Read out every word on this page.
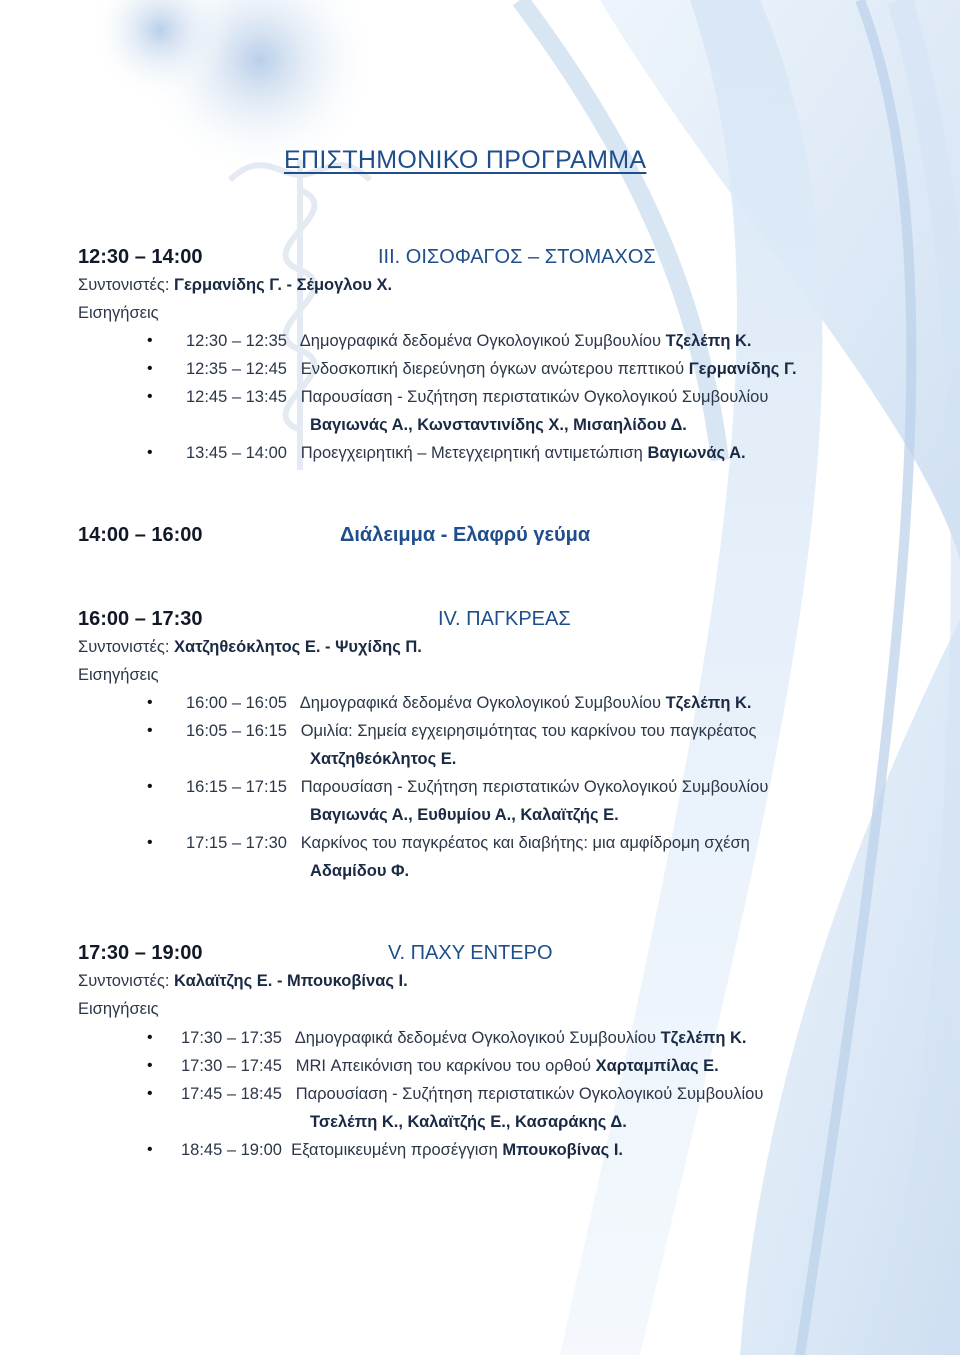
ΕΠΙΣΤΗΜΟΝΙΚΟ ΠΡΟΓΡΑΜΜΑ
12:30 – 14:00	ΙΙΙ. ΟΙΣΟΦΑΓΟΣ – ΣΤΟΜΑΧΟΣ
Συντονιστές: Γερμανίδης Γ. - Σέμογλου Χ.
Εισηγήσεις
• 12:30 – 12:35 Δημογραφικά δεδομένα Ογκολογικού Συμβουλίου Τζελέπη Κ.
• 12:35 – 12:45 Ενδοσκοπική διερεύνηση όγκων ανώτερου πεπτικού Γερμανίδης Γ.
• 12:45 – 13:45 Παρουσίαση - Συζήτηση περιστατικών Ογκολογικού Συμβουλίου
Βαγιωνάς Α., Κωνσταντινίδης Χ., Μισαηλίδου Δ.
• 13:45 – 14:00 Προεγχειρητική – Μετεγχειρητική αντιμετώπιση Βαγιωνάς Α.
14:00 – 16:00	Διάλειμμα - Ελαφρύ γεύμα
16:00 – 17:30	IV. ΠΑΓΚΡΕΑΣ
Συντονιστές: Χατζηθεόκλητος Ε. - Ψυχίδης Π.
Εισηγήσεις
• 16:00 – 16:05 Δημογραφικά δεδομένα Ογκολογικού Συμβουλίου Τζελέπη Κ.
• 16:05 – 16:15 Ομιλία: Σημεία εγχειρησιμότητας του καρκίνου του παγκρέατος
Χατζηθεόκλητος Ε.
• 16:15 – 17:15 Παρουσίαση - Συζήτηση περιστατικών Ογκολογικού Συμβουλίου
Βαγιωνάς Α., Ευθυμίου Α., Καλαϊτζής Ε.
• 17:15 – 17:30 Καρκίνος του παγκρέατος και διαβήτης: μια αμφίδρομη σχέση
Αδαμίδου Φ.
17:30 – 19:00	V. ΠΑΧΥ ΕΝΤΕΡΟ
Συντονιστές: Καλαϊτζης Ε. - Μπουκοβίνας Ι.
Εισηγήσεις
• 17:30 – 17:35 Δημογραφικά δεδομένα Ογκολογικού Συμβουλίου Τζελέπη Κ.
• 17:30 – 17:45 MRI Απεικόνιση του καρκίνου του ορθού Χαρταμπίλας Ε.
• 17:45 – 18:45 Παρουσίαση - Συζήτηση περιστατικών Ογκολογικού Συμβουλίου
Τσελέπη Κ., Καλαϊτζής Ε., Κασαράκης Δ.
• 18:45 – 19:00 Εξατομικευμένη προσέγγιση Μπουκοβίνας Ι.
